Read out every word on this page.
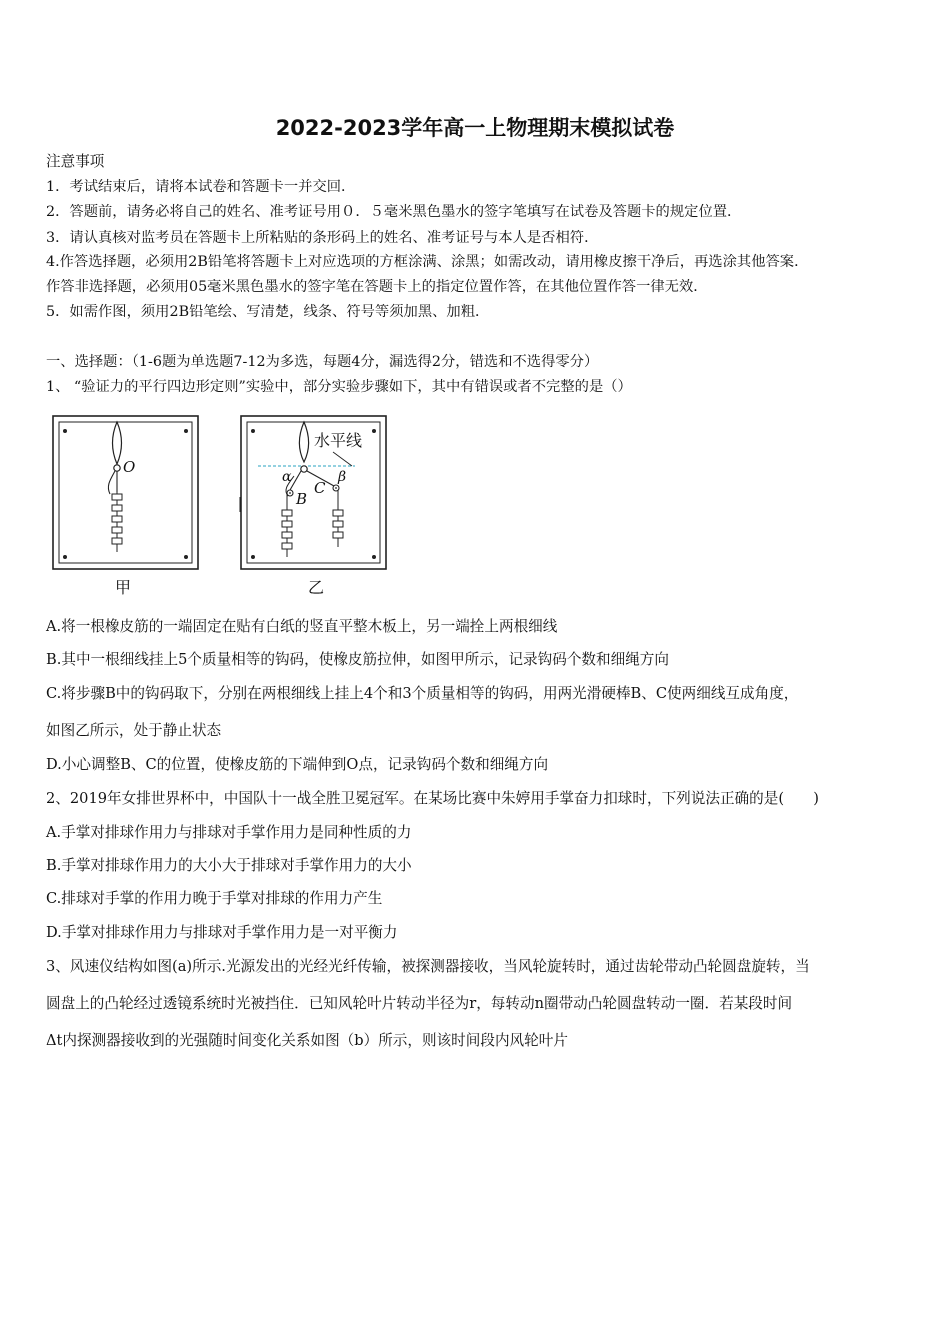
2022-2023学年高一上物理期末模拟试卷
注意事项
1．考试结束后，请将本试卷和答题卡一并交回．
2．答题前，请务必将自己的姓名、准考证号用０．５毫米黑色墨水的签字笔填写在试卷及答题卡的规定位置．
3．请认真核对监考员在答题卡上所粘贴的条形码上的姓名、准考证号与本人是否相符．
4.作答选择题，必须用2B铅笔将答题卡上对应选项的方框涂满、涂黑；如需改动，请用橡皮擦干净后，再选涂其他答案．
作答非选择题，必须用05毫米黑色墨水的签字笔在答题卡上的指定位置作答，在其他位置作答一律无效．
5．如需作图，须用2B铅笔绘、写清楚，线条、符号等须加黑、加粗．
一、选择题：（1-6题为单选题7-12为多选，每题4分，漏选得2分，错选和不选得零分）
1、 “验证力的平行四边形定则”实验中，部分实验步骤如下，其中有错误或者不完整的是（）
O
甲
水平线
α	β
B
C
乙
A.将一根橡皮筋的一端固定在贴有白纸的竖直平整木板上，另一端拴上两根细线
B.其中一根细线挂上5个质量相等的钩码，使橡皮筋拉伸，如图甲所示，记录钩码个数和细绳方向
C.将步骤B中的钩码取下，分别在两根细线上挂上4个和3个质量相等的钩码，用两光滑硬棒B、C使两细线互成角度，
如图乙所示，处于静止状态
D.小心调整B、C的位置，使橡皮筋的下端伸到O点，记录钩码个数和细绳方向
2、2019年女排世界杯中，中国队十一战全胜卫冕冠军。在某场比赛中朱婷用手掌奋力扣球时，下列说法正确的是(　　)
A.手掌对排球作用力与排球对手掌作用力是同种性质的力
B.手掌对排球作用力的大小大于排球对手掌作用力的大小
C.排球对手掌的作用力晚于手掌对排球的作用力产生
D.手掌对排球作用力与排球对手掌作用力是一对平衡力
3、风速仪结构如图(a)所示.光源发出的光经光纤传输，被探测器接收，当风轮旋转时，通过齿轮带动凸轮圆盘旋转，当
圆盘上的凸轮经过透镜系统时光被挡住．已知风轮叶片转动半径为r，每转动n圈带动凸轮圆盘转动一圈．若某段时间
Δt内探测器接收到的光强随时间变化关系如图（b）所示，则该时间段内风轮叶片
